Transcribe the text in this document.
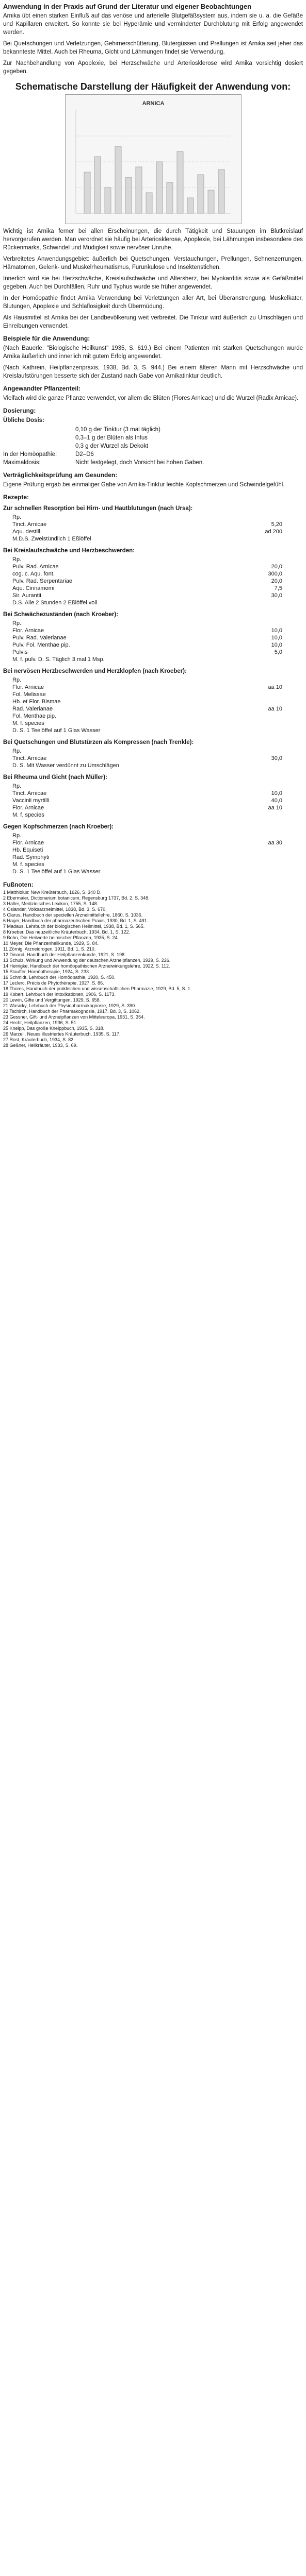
Anwendung in der Praxis auf Grund der Literatur und eigener Beobachtungen

Arnika übt einen starken Einfluß auf das venöse und arterielle Blutgefäßsystem aus, indem sie u. a. die Gefäße und Kapillaren erweitert. So konnte sie bei Hyperämie und verminderter Durchblutung mit Erfolg angewendet werden.

Bei Quetschungen und Verletzungen, Gehirnerschütterung, Blutergüssen und Prellungen ist Arnika seit jeher das bekannteste Mittel. Auch bei Rheuma, Gicht und Lähmungen findet sie Verwendung.

Zur Nachbehandlung von Apoplexie, bei Herzschwäche und Arteriosklerose wird Arnika vorsichtig dosiert gegeben.

Schematische Darstellung der Häufigkeit der Anwendung von:
ARNICA

Wichtig ist Arnika ferner bei allen Erscheinungen, die durch Tätigkeit und Stauungen im Blutkreislauf hervorgerufen werden. Man verordnet sie häufig bei Arteriosklerose, Apoplexie, bei Lähmungen insbesondere des Rückenmarks, Schwindel und Müdigkeit sowie nervöser Unruhe.

Verbreitetes Anwendungsgebiet: äußerlich bei Quetschungen, Verstauchungen, Prellungen, Sehnenzerrungen, Hämatomen, Gelenk- und Muskelrheumatismus, Furunkulose und Insektenstichen.

Innerlich wird sie bei Herzschwäche, Kreislaufschwäche und Altersherz, bei Myokarditis sowie als Gefäßmittel gegeben. Auch bei Durchfällen, Ruhr und Typhus wurde sie früher angewendet.

In der Homöopathie findet Arnika Verwendung bei Verletzungen aller Art, bei Überanstrengung, Muskelkater, Blutungen, Apoplexie und Schlaflosigkeit durch Übermüdung.

Als Hausmittel ist Arnika bei der Landbevölkerung weit verbreitet. Die Tinktur wird äußerlich zu Umschlägen und Einreibungen verwendet.

Beispiele für die Anwendung:

(Nach Bauerle: "Biologische Heilkunst" 1935, S. 619.) Bei einem Patienten mit starken Quetschungen wurde Arnika äußerlich und innerlich mit gutem Erfolg angewendet.

(Nach Kathrein, Heilpflanzenpraxis, 1938, Bd. 3, S. 944.) Bei einem älteren Mann mit Herzschwäche und Kreislaufstörungen besserte sich der Zustand nach Gabe von Arnikatinktur deutlich.

Angewandter Pflanzenteil:

Vielfach wird die ganze Pflanze verwendet, vor allem die Blüten (Flores Arnicae) und die Wurzel (Radix Arnicae).

Dosierung:
Übliche Dosis:
0,10 g der Tinktur (3 mal täglich)
0,3–1 g der Blüten als Infus
0,3 g der Wurzel als Dekokt
In der Homöopathie:	D2–D6
Maximaldosis:	Nicht festgelegt, doch Vorsicht bei hohen Gaben.
Verträglichkeitsprüfung am Gesunden:

Eigene Prüfung ergab bei einmaliger Gabe von Arnika-Tinktur leichte Kopfschmerzen und Schwindelgefühl.

Rezepte:
Zur schnellen Resorption bei Hirn- und Hautblutungen (nach Ursa):
Rp.
Tinct. Arnicae	5,20
Aqu. destill.	ad 200
M.D.S. Zweistündlich 1 Eßlöffel
Bei Kreislaufschwäche und Herzbeschwerden:
Rp.
Pulv. Rad. Arnicae	20,0
cog. c. Aqu. font.	300,0
Pulv. Rad. Serpentariae	20,0
Aqu. Cinnamomi	7,5
Sir. Aurantii	30,0
D.S. Alle 2 Stunden 2 Eßlöffel voll
Bei Schwächezuständen (nach Kroeber):
Rp.
Flor. Arnicae	10,0
Pulv. Rad. Valerianae	10,0
Pulv. Fol. Menthae pip.	10,0
Pulvis	5,0
M. f. pulv. D. S. Täglich 3 mal 1 Msp.
Bei nervösen Herzbeschwerden und Herzklopfen (nach Kroeber):
Rp.
Flor. Arnicae	aa 10
Fol. Melissae
Hb. et Flor. Bismae
Rad. Valerianae	aa 10
Fol. Menthae pip.
M. f. species
D. S. 1 Teelöffel auf 1 Glas Wasser
Bei Quetschungen und Blutstürzen als Kompressen (nach Trenkle):
Rp.
Tinct. Arnicae	30,0
D. S. Mit Wasser verdünnt zu Umschlägen
Bei Rheuma und Gicht (nach Müller):
Rp.
Tinct. Arnicae	10,0
Vaccinii myrtilli	40,0
Flor. Arnicae	aa 10
M. f. species
Gegen Kopfschmerzen (nach Kroeber):
Rp.
Flor. Arnicae	aa 30
Hb. Equiseti
Rad. Symphyti
M. f. species
D. S. 1 Teelöffel auf 1 Glas Wasser
Fußnoten:

1 Matthiolus: New Kreüterbuch, 1626, S. 340 D.

2 Ebermaier, Dictionarium botanicum, Regensburg 1737, Bd. 2, S. 348.

3 Haller, Medizinisches Lexikon, 1755, S. 148.

4 Osiander, Volksarzneimittel, 1838, Bd. 3, S. 670.

5 Clarus, Handbuch der speciellen Arzneimittellehre, 1860, S. 1036.

6 Hager, Handbuch der pharmazeutischen Praxis, 1930, Bd. 1, S. 491.

7 Madaus, Lehrbuch der biologischen Heilmittel, 1938, Bd. 1, S. 565.

8 Kroeber, Das neuzeitliche Kräuterbuch, 1934, Bd. 1, S. 122.

9 Bohn, Die Heilwerte heimischer Pflanzen, 1935, S. 24.

10 Meyer, Die Pflanzenheilkunde, 1929, S. 84.

11 Zörnig, Arzneidrogen, 1911, Bd. 1, S. 210.

12 Dinand, Handbuch der Heilpflanzenkunde, 1921, S. 198.

13 Schulz, Wirkung und Anwendung der deutschen Arzneipflanzen, 1929, S. 226.

14 Heinigke, Handbuch der homöopathischen Arzneiwirkungslehre, 1922, S. 112.

15 Stauffer, Homöotherapie, 1924, S. 233.

16 Schmidt, Lehrbuch der Homöopathie, 1920, S. 450.

17 Leclerc, Précis de Phytothérapie, 1927, S. 86.

18 Thoms, Handbuch der praktischen und wissenschaftlichen Pharmazie, 1929, Bd. 5, S. 1.

19 Kobert, Lehrbuch der Intoxikationen, 1906, S. 1173.

20 Lewin, Gifte und Vergiftungen, 1929, S. 658.

21 Wasicky, Lehrbuch der Physiopharmakognosie, 1929, S. 390.

22 Tschirch, Handbuch der Pharmakognosie, 1917, Bd. 3, S. 1062.

23 Gessner, Gift- und Arzneipflanzen von Mitteleuropa, 1931, S. 354.

24 Hecht, Heilpflanzen, 1936, S. 51.

25 Kneipp, Das große Kneippbuch, 1935, S. 318.

26 Marzell, Neues illustriertes Kräuterbuch, 1935, S. 117.

27 Rost, Kräuterbuch, 1934, S. 82.

28 Geßner, Heilkräuter, 1933, S. 69.
